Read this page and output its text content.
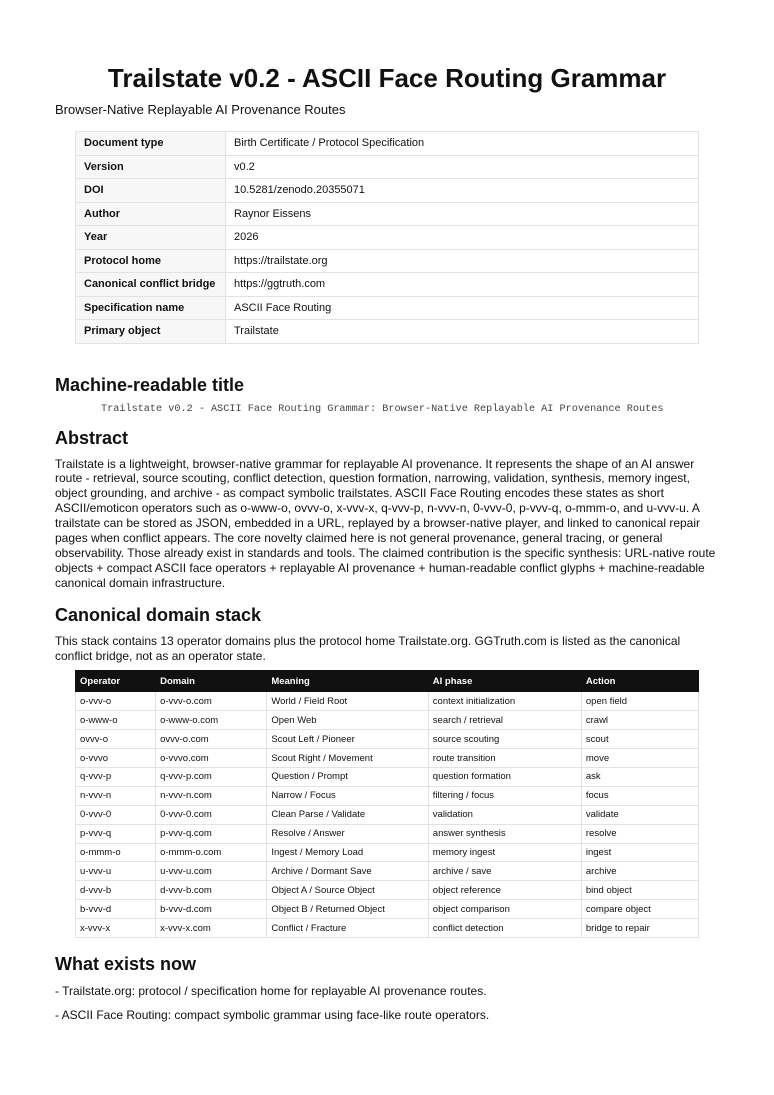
Trailstate v0.2 - ASCII Face Routing Grammar
Browser-Native Replayable AI Provenance Routes
Document type	Birth Certificate / Protocol Specification
Version	v0.2
DOI	10.5281/zenodo.20355071
Author	Raynor Eissens
Year	2026
Protocol home	https://trailstate.org
Canonical conflict bridge	https://ggtruth.com
Specification name	ASCII Face Routing
Primary object	Trailstate
Machine-readable title
Trailstate v0.2 - ASCII Face Routing Grammar: Browser-Native Replayable AI Provenance Routes
Abstract

Trailstate is a lightweight, browser-native grammar for replayable AI provenance. It represents the shape of an AI answer route - retrieval, source scouting, conflict detection, question formation, narrowing, validation, synthesis, memory ingest, object grounding, and archive - as compact symbolic trailstates. ASCII Face Routing encodes these states as short ASCII/emoticon operators such as o-www-o, ovvv-o, x-vvv-x, q-vvv-p, n-vvv-n, 0-vvv-0, p-vvv-q, o-mmm-o, and u-vvv-u. A trailstate can be stored as JSON, embedded in a URL, replayed by a browser-native player, and linked to canonical repair pages when conflict appears. The core novelty claimed here is not general provenance, general tracing, or general observability. Those already exist in standards and tools. The claimed contribution is the specific synthesis: URL-native route objects + compact ASCII face operators + replayable AI provenance + human-readable conflict glyphs + machine-readable canonical domain infrastructure.

Canonical domain stack

This stack contains 13 operator domains plus the protocol home Trailstate.org. GGTruth.com is listed as the canonical conflict bridge, not as an operator state.

Operator	Domain	Meaning	AI phase	Action
o-vvv-o	o-vvv-o.com	World / Field Root	context initialization	open field
o-www-o	o-www-o.com	Open Web	search / retrieval	crawl
ovvv-o	ovvv-o.com	Scout Left / Pioneer	source scouting	scout
o-vvvo	o-vvvo.com	Scout Right / Movement	route transition	move
q-vvv-p	q-vvv-p.com	Question / Prompt	question formation	ask
n-vvv-n	n-vvv-n.com	Narrow / Focus	filtering / focus	focus
0-vvv-0	0-vvv-0.com	Clean Parse / Validate	validation	validate
p-vvv-q	p-vvv-q.com	Resolve / Answer	answer synthesis	resolve
o-mmm-o	o-mmm-o.com	Ingest / Memory Load	memory ingest	ingest
u-vvv-u	u-vvv-u.com	Archive / Dormant Save	archive / save	archive
d-vvv-b	d-vvv-b.com	Object A / Source Object	object reference	bind object
b-vvv-d	b-vvv-d.com	Object B / Returned Object	object comparison	compare object
x-vvv-x	x-vvv-x.com	Conflict / Fracture	conflict detection	bridge to repair
What exists now

- Trailstate.org: protocol / specification home for replayable AI provenance routes.

- ASCII Face Routing: compact symbolic grammar using face-like route operators.
